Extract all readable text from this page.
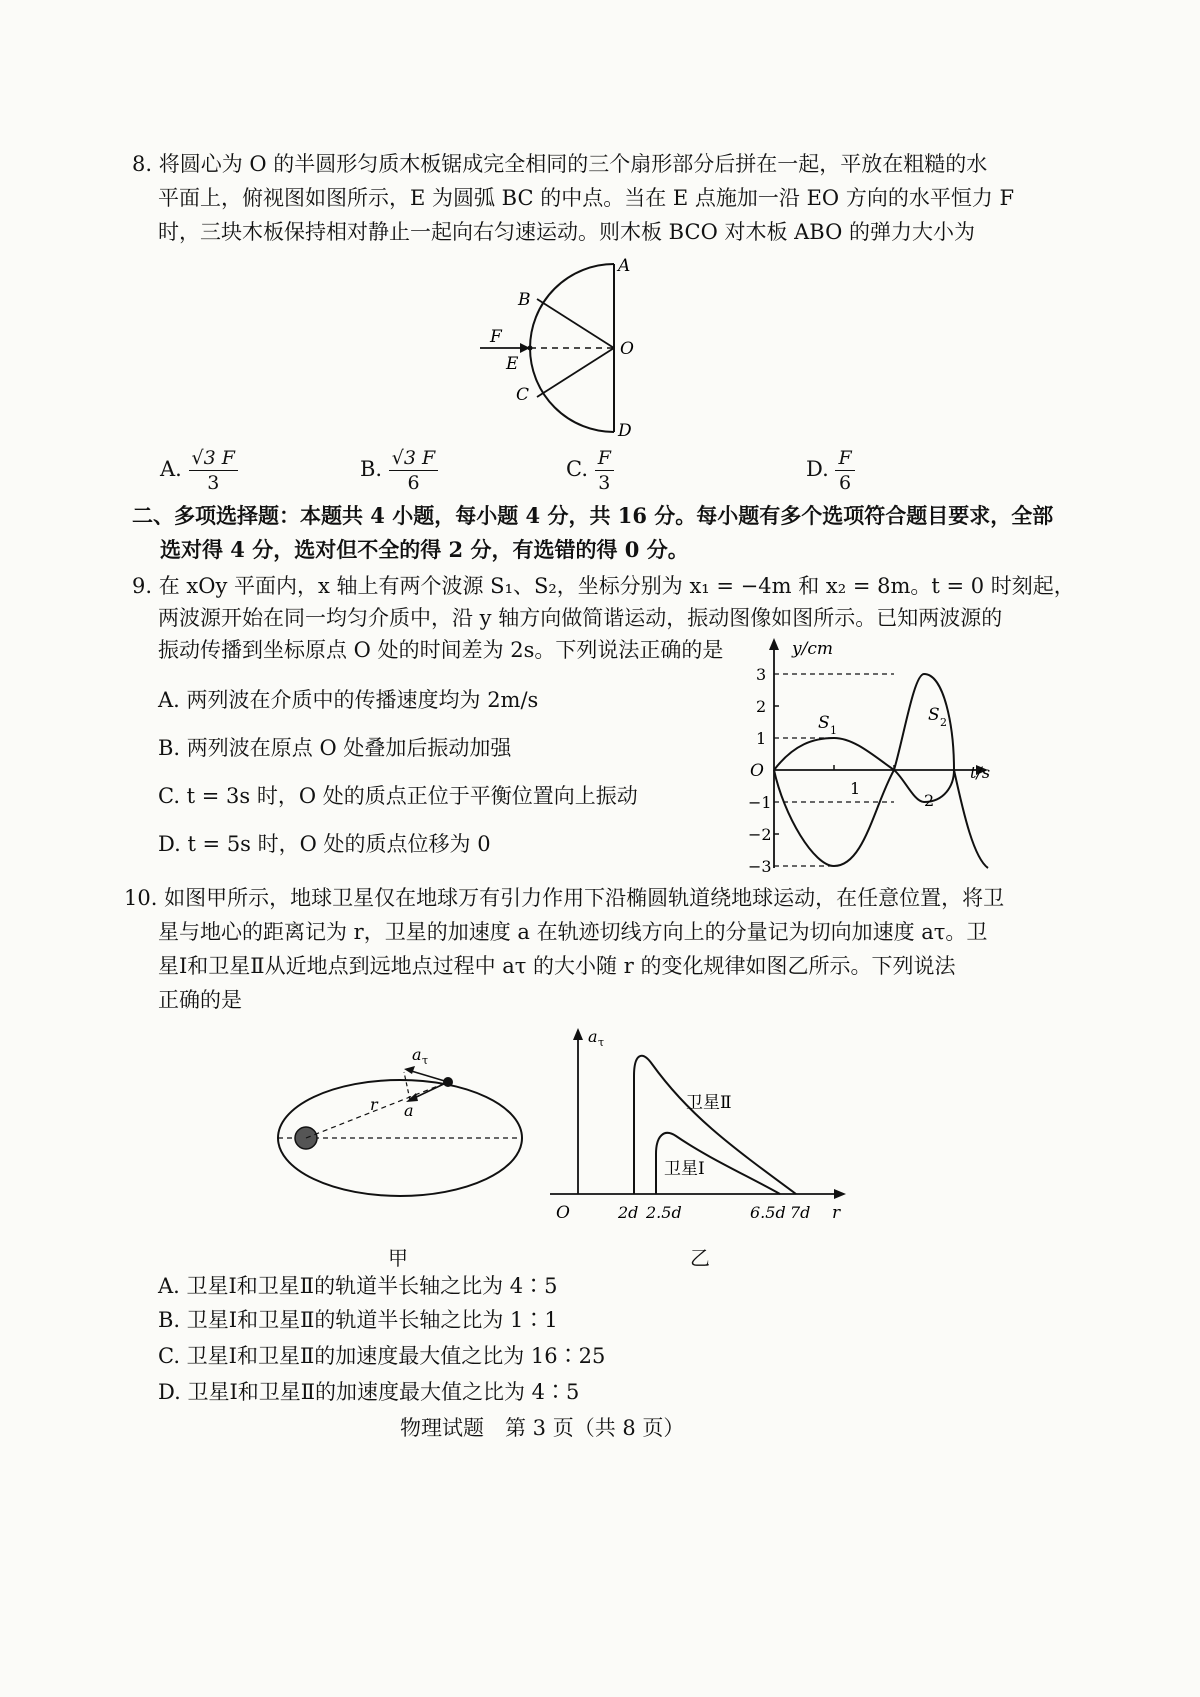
8. 将圆心为 O 的半圆形匀质木板锯成完全相同的三个扇形部分后拼在一起，平放在粗糙的水
平面上，俯视图如图所示，E 为圆弧 BC 的中点。当在 E 点施加一沿 EO 方向的水平恒力 F
时，三块木板保持相对静止一起向右匀速运动。则木板 BCO 对木板 ABO 的弹力大小为
A
B
F
E
O
C
D
A. $\frac{√3 F}{3}$	B. $\frac{√3 F}{6}$	C. $\frac{F}{3}$	D. $\frac{F}{6}$
二、多项选择题：本题共 4 小题，每小题 4 分，共 16 分。每小题有多个选项符合题目要求，全部
选对得 4 分，选对但不全的得 2 分，有选错的得 0 分。
9. 在 xOy 平面内，x 轴上有两个波源 S₁、S₂，坐标分别为 x₁ = −4m 和 x₂ = 8m。t = 0 时刻起，
两波源开始在同一均匀介质中，沿 y 轴方向做简谐运动，振动图像如图所示。已知两波源的
振动传播到坐标原点 O 处的时间差为 2s。下列说法正确的是
A. 两列波在介质中的传播速度均为 2m/s
B. 两列波在原点 O 处叠加后振动加强
C. t = 3s 时，O 处的质点正位于平衡位置向上振动
D. t = 5s 时，O 处的质点位移为 0
y/cm
t/s
O
3
2
1
−1
−2
−3
1
2
S 1
S 2
10. 如图甲所示，地球卫星仅在地球万有引力作用下沿椭圆轨道绕地球运动，在任意位置，将卫
星与地心的距离记为 r，卫星的加速度 a 在轨迹切线方向上的分量记为切向加速度 aτ。卫
星Ⅰ和卫星Ⅱ从近地点到远地点过程中 aτ 的大小随 r 的变化规律如图乙所示。下列说法
正确的是
a τ
r a
甲
a τ
r
O	2d 2.5d	6.5d 7d
卫星Ⅱ
卫星Ⅰ
乙
A. 卫星Ⅰ和卫星Ⅱ的轨道半长轴之比为 4∶5
B. 卫星Ⅰ和卫星Ⅱ的轨道半长轴之比为 1∶1
C. 卫星Ⅰ和卫星Ⅱ的加速度最大值之比为 16∶25
D. 卫星Ⅰ和卫星Ⅱ的加速度最大值之比为 4∶5
物理试题　第 3 页（共 8 页）
